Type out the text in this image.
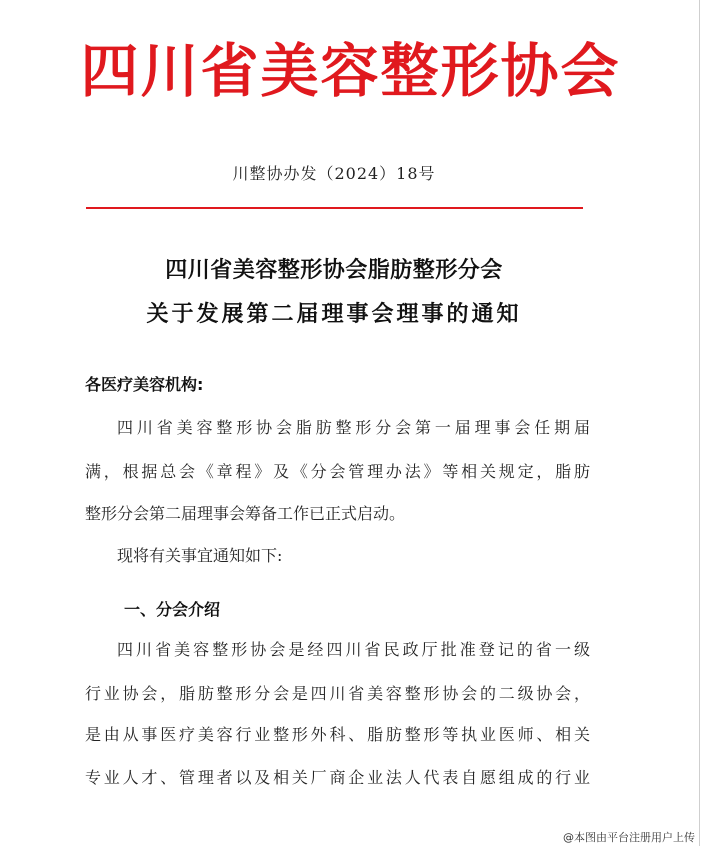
四川省美容整形协会
川整协办发（2024）18号
四川省美容整形协会脂肪整形分会
关于发展第二届理事会理事的通知
各医疗美容机构:
四川省美容整形协会脂肪整形分会第一届理事会任期届
满，根据总会《章程》及《分会管理办法》等相关规定，脂肪
整形分会第二届理事会筹备工作已正式启动。
现将有关事宜通知如下:
一、分会介绍
四川省美容整形协会是经四川省民政厅批准登记的省一级
行业协会，脂肪整形分会是四川省美容整形协会的二级协会，
是由从事医疗美容行业整形外科、脂肪整形等执业医师、相关
专业人才、管理者以及相关厂商企业法人代表自愿组成的行业
@本图由平台注册用户上传
